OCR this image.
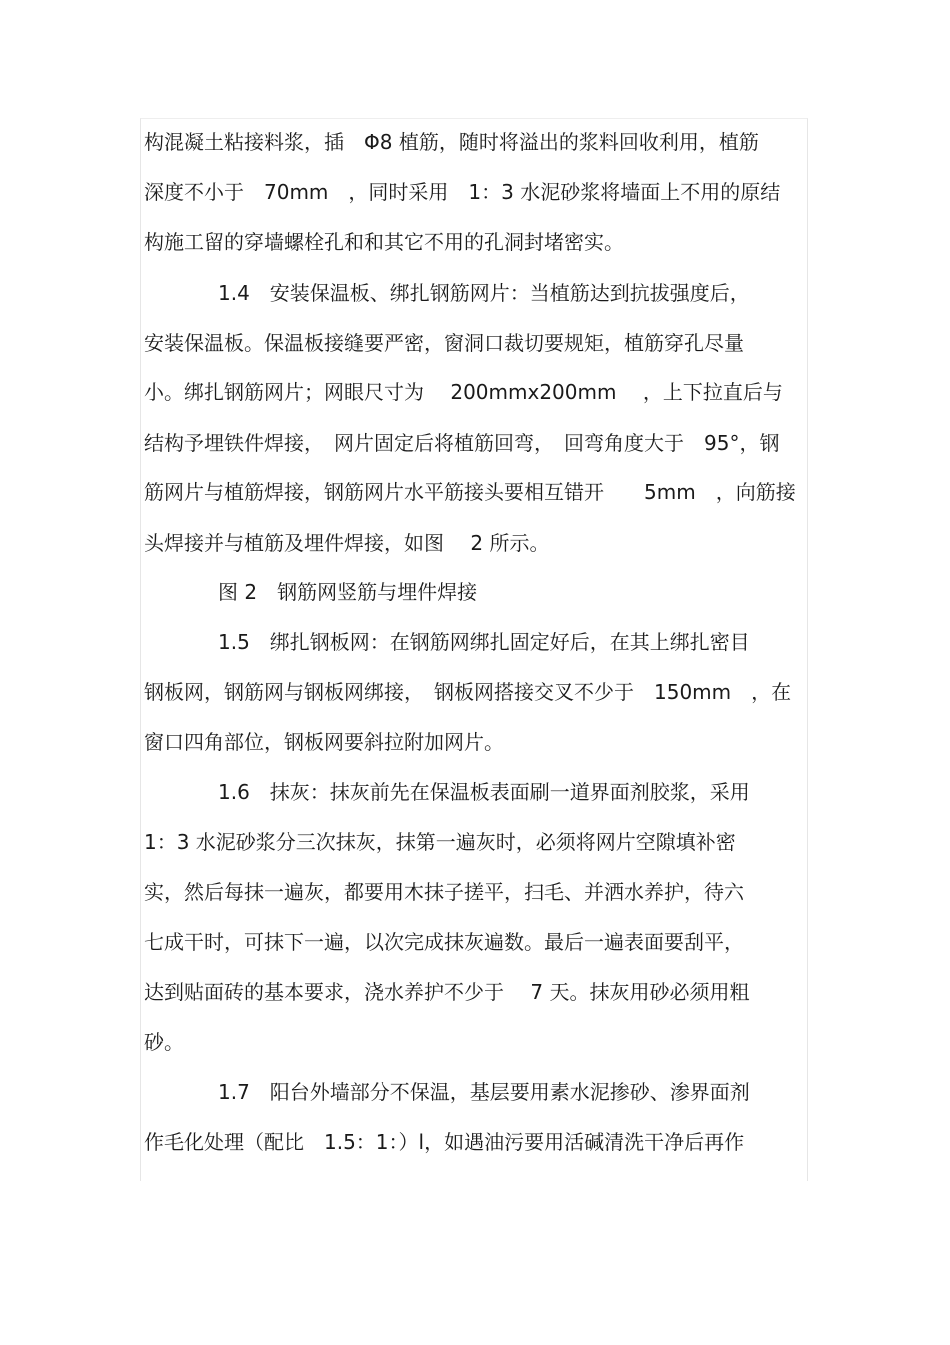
构混凝土粘接料浆，插　Φ8 植筋，随时将溢出的浆料回收利用，植筋
深度不小于　70mm　，同时采用　1：3 水泥砂浆将墙面上不用的原结
构施工留的穿墙螺栓孔和和其它不用的孔洞封堵密实。
1.4　安装保温板、绑扎钢筋网片：当植筋达到抗拔强度后，
安装保温板。保温板接缝要严密，窗洞口裁切要规矩，植筋穿孔尽量
小。绑扎钢筋网片；网眼尺寸为　 200mmx200mm　 ，上下拉直后与
结构予埋铁件焊接，　网片固定后将植筋回弯，　回弯角度大于　95°，钢
筋网片与植筋焊接，钢筋网片水平筋接头要相互错开　　5mm　，向筋接
头焊接并与植筋及埋件焊接，如图　 2 所示。
图 2　钢筋网竖筋与埋件焊接
1.5　绑扎钢板网：在钢筋网绑扎固定好后，在其上绑扎密目
钢板网，钢筋网与钢板网绑接，　钢板网搭接交叉不少于　150mm　，在
窗口四角部位，钢板网要斜拉附加网片。
1.6　抹灰：抹灰前先在保温板表面刷一道界面剂胶浆，采用
1：3 水泥砂浆分三次抹灰，抹第一遍灰时，必须将网片空隙填补密
实，然后每抹一遍灰，都要用木抹子搓平，扫毛、并洒水养护，待六
七成干时，可抹下一遍，以次完成抹灰遍数。最后一遍表面要刮平，
达到贴面砖的基本要求，浇水养护不少于　 7 天。抹灰用砂必须用粗
砂。
1.7　阳台外墙部分不保温，基层要用素水泥掺砂、渗界面剂
作毛化处理（配比　1.5：1：）l，如遇油污要用活碱清洗干净后再作
